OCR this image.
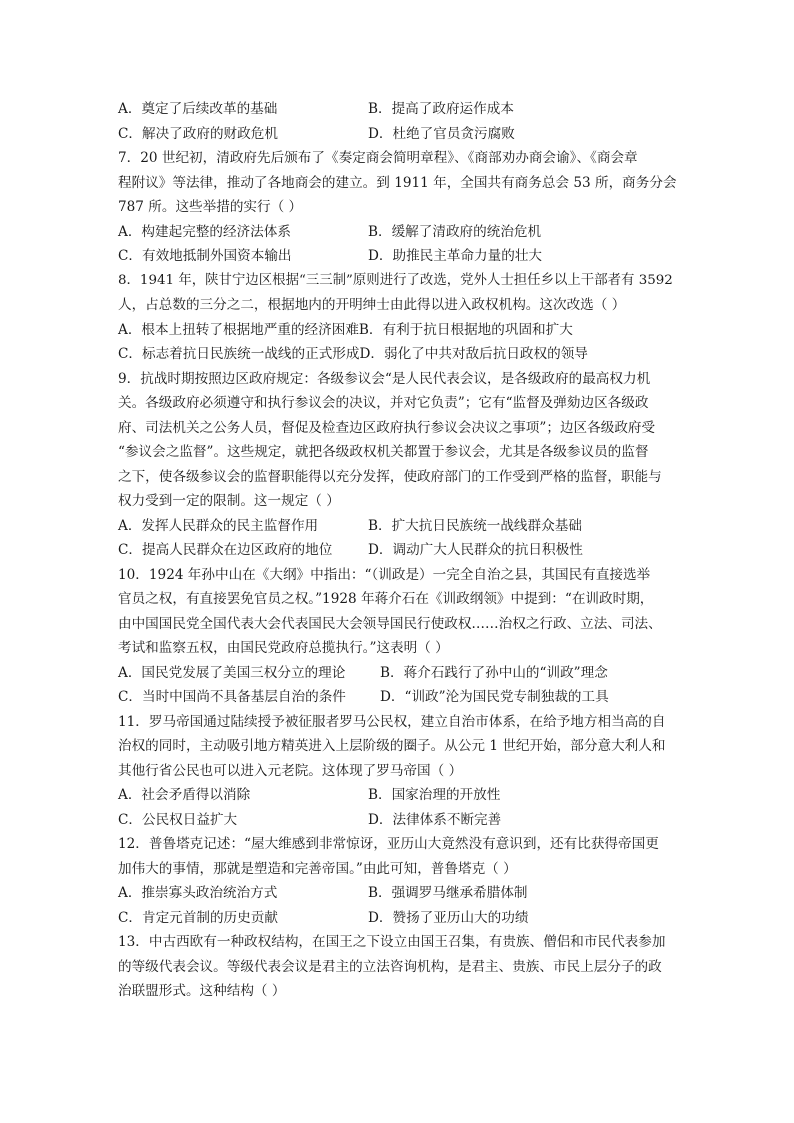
A．奠定了后续改革的基础	B．提高了政府运作成本
C．解决了政府的财政危机	D．杜绝了官员贪污腐败
7．20 世纪初，清政府先后颁布了《奏定商会简明章程》、《商部劝办商会谕》、《商会章
程附议》等法律，推动了各地商会的建立。到 1911 年，全国共有商务总会 53 所，商务分会
787 所。这些举措的实行（ ）
A．构建起完整的经济法体系	B．缓解了清政府的统治危机
C．有效地抵制外国资本输出	D．助推民主革命力量的壮大
8．1941 年，陕甘宁边区根据“三三制”原则进行了改选，党外人士担任乡以上干部者有 3592
人，占总数的三分之二，根据地内的开明绅士由此得以进入政权机构。这次改选（ ）
A．根本上扭转了根据地严重的经济困难 B．有利于抗日根据地的巩固和扩大
C．标志着抗日民族统一战线的正式形成 D．弱化了中共对敌后抗日政权的领导
9．抗战时期按照边区政府规定：各级参议会“是人民代表会议，是各级政府的最高权力机
关。各级政府必须遵守和执行参议会的决议，并对它负责”；它有“监督及弹劾边区各级政
府、司法机关之公务人员，督促及检查边区政府执行参议会决议之事项”；边区各级政府受
“参议会之监督”。这些规定，就把各级政权机关都置于参议会，尤其是各级参议员的监督
之下，使各级参议会的监督职能得以充分发挥，使政府部门的工作受到严格的监督，职能与
权力受到一定的限制。这一规定（ ）
A．发挥人民群众的民主监督作用	B．扩大抗日民族统一战线群众基础
C．提高人民群众在边区政府的地位	D．调动广大人民群众的抗日积极性
10．1924 年孙中山在《大纲》中指出：“（训政是）一完全自治之县，其国民有直接选举
官员之权，有直接罢免官员之权。”1928 年蒋介石在《训政纲领》中提到：“在训政时期，
由中国国民党全国代表大会代表国民大会领导国民行使政权……治权之行政、立法、司法、
考试和监察五权，由国民党政府总揽执行。”这表明（ ）
A．国民党发展了美国三权分立的理论	B．蒋介石践行了孙中山的“训政”理念
C．当时中国尚不具备基层自治的条件	D．“训政”沦为国民党专制独裁的工具
11．罗马帝国通过陆续授予被征服者罗马公民权，建立自治市体系，在给予地方相当高的自
治权的同时，主动吸引地方精英进入上层阶级的圈子。从公元 1 世纪开始，部分意大利人和
其他行省公民也可以进入元老院。这体现了罗马帝国（ ）
A．社会矛盾得以消除	B．国家治理的开放性
C．公民权日益扩大	D．法律体系不断完善
12．普鲁塔克记述：“屋大维感到非常惊讶，亚历山大竟然没有意识到，还有比获得帝国更
加伟大的事情，那就是塑造和完善帝国。”由此可知，普鲁塔克（ ）
A．推崇寡头政治统治方式	B．强调罗马继承希腊体制
C．肯定元首制的历史贡献	D．赞扬了亚历山大的功绩
13．中古西欧有一种政权结构，在国王之下设立由国王召集，有贵族、僧侣和市民代表参加
的等级代表会议。等级代表会议是君主的立法咨询机构，是君主、贵族、市民上层分子的政
治联盟形式。这种结构（ ）
